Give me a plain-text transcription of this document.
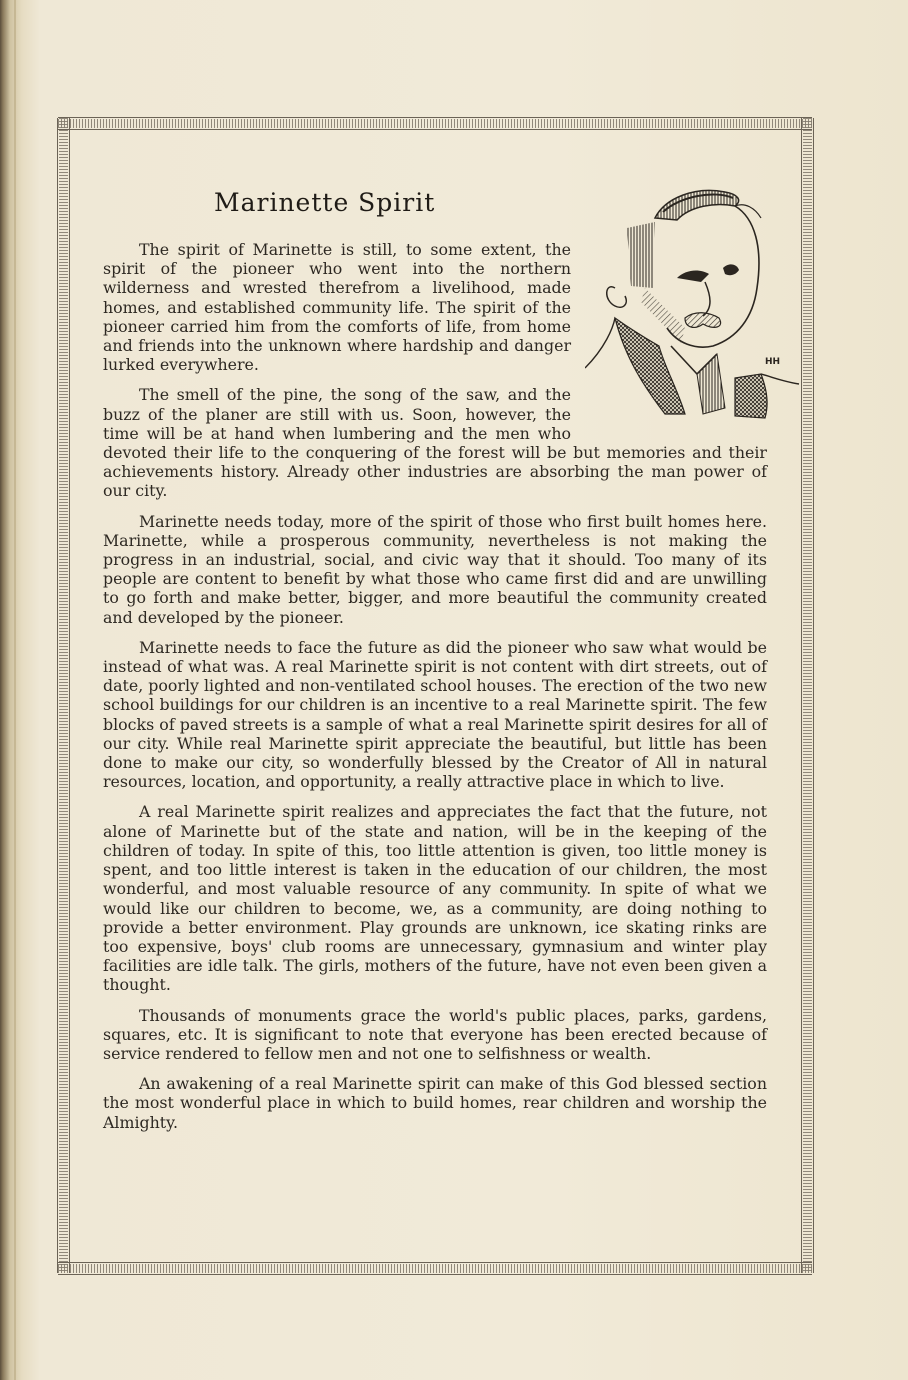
Marinette Spirit
HH

The spirit of Marinette is still, to some extent, the spirit of the pioneer who went into the northern wilderness and wrested therefrom a livelihood, made homes, and established community life. The spirit of the pioneer carried him from the comforts of life, from home and friends into the unknown where hardship and danger lurked everywhere.

The smell of the pine, the song of the saw, and the buzz of the planer are still with us. Soon, however, the time will be at hand when lumbering and the men who devoted their life to the conquering of the forest will be but memories and their achievements history. Already other industries are absorbing the man power of our city.

Marinette needs today, more of the spirit of those who first built homes here. Marinette, while a prosperous community, nevertheless is not making the progress in an industrial, social, and civic way that it should. Too many of its people are content to benefit by what those who came first did and are unwilling to go forth and make better, bigger, and more beautiful the community created and developed by the pioneer.

Marinette needs to face the future as did the pioneer who saw what would be instead of what was. A real Marinette spirit is not content with dirt streets, out of date, poorly lighted and non-ventilated school houses. The erection of the two new school buildings for our children is an incentive to a real Marinette spirit. The few blocks of paved streets is a sample of what a real Marinette spirit desires for all of our city. While real Marinette spirit appreciate the beautiful, but little has been done to make our city, so wonderfully blessed by the Creator of All in natural resources, location, and opportunity, a really attractive place in which to live.

A real Marinette spirit realizes and appreciates the fact that the future, not alone of Marinette but of the state and nation, will be in the keeping of the children of today. In spite of this, too little attention is given, too little money is spent, and too little interest is taken in the education of our children, the most wonderful, and most valuable resource of any community. In spite of what we would like our children to become, we, as a community, are doing nothing to provide a better environment. Play grounds are unknown, ice skating rinks are too expensive, boys' club rooms are unnecessary, gymnasium and winter play facilities are idle talk. The girls, mothers of the future, have not even been given a thought.

Thousands of monuments grace the world's public places, parks, gardens, squares, etc. It is significant to note that everyone has been erected because of service rendered to fellow men and not one to selfishness or wealth.

An awakening of a real Marinette spirit can make of this God blessed section the most wonderful place in which to build homes, rear children and worship the Almighty.
